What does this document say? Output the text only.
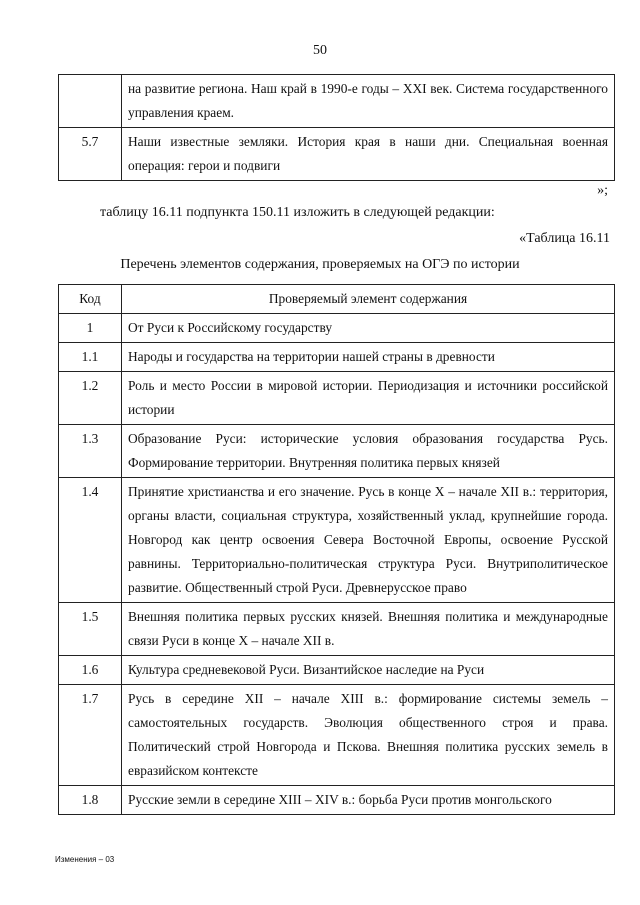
50
	на развитие региона. Наш край в 1990-е годы – XXI век. Система государственного управления краем.
5.7	Наши известные земляки. История края в наши дни. Специальная военная операция: герои и подвиги
»;
таблицу 16.11 подпункта 150.11 изложить в следующей редакции:
«Таблица 16.11
Перечень элементов содержания, проверяемых на ОГЭ по истории
Код	Проверяемый элемент содержания
1	От Руси к Российскому государству
1.1	Народы и государства на территории нашей страны в древности
1.2	Роль и место России в мировой истории. Периодизация и источники российской истории
1.3	Образование Руси: исторические условия образования государства Русь. Формирование территории. Внутренняя политика первых князей
1.4	Принятие христианства и его значение. Русь в конце X – начале XII в.: территория, органы власти, социальная структура, хозяйственный уклад, крупнейшие города. Новгород как центр освоения Севера Восточной Европы, освоение Русской равнины. Территориально-политическая структура Руси. Внутриполитическое развитие. Общественный строй Руси. Древнерусское право
1.5	Внешняя политика первых русских князей. Внешняя политика и международные связи Руси в конце X – начале XII в.
1.6	Культура средневековой Руси. Византийское наследие на Руси
1.7	Русь в середине XII – начале XIII в.: формирование системы земель – самостоятельных государств. Эволюция общественного строя и права. Политический строй Новгорода и Пскова. Внешняя политика русских земель в евразийском контексте
1.8	Русские земли в середине XIII – XIV в.: борьба Руси против монгольского
Изменения – 03
